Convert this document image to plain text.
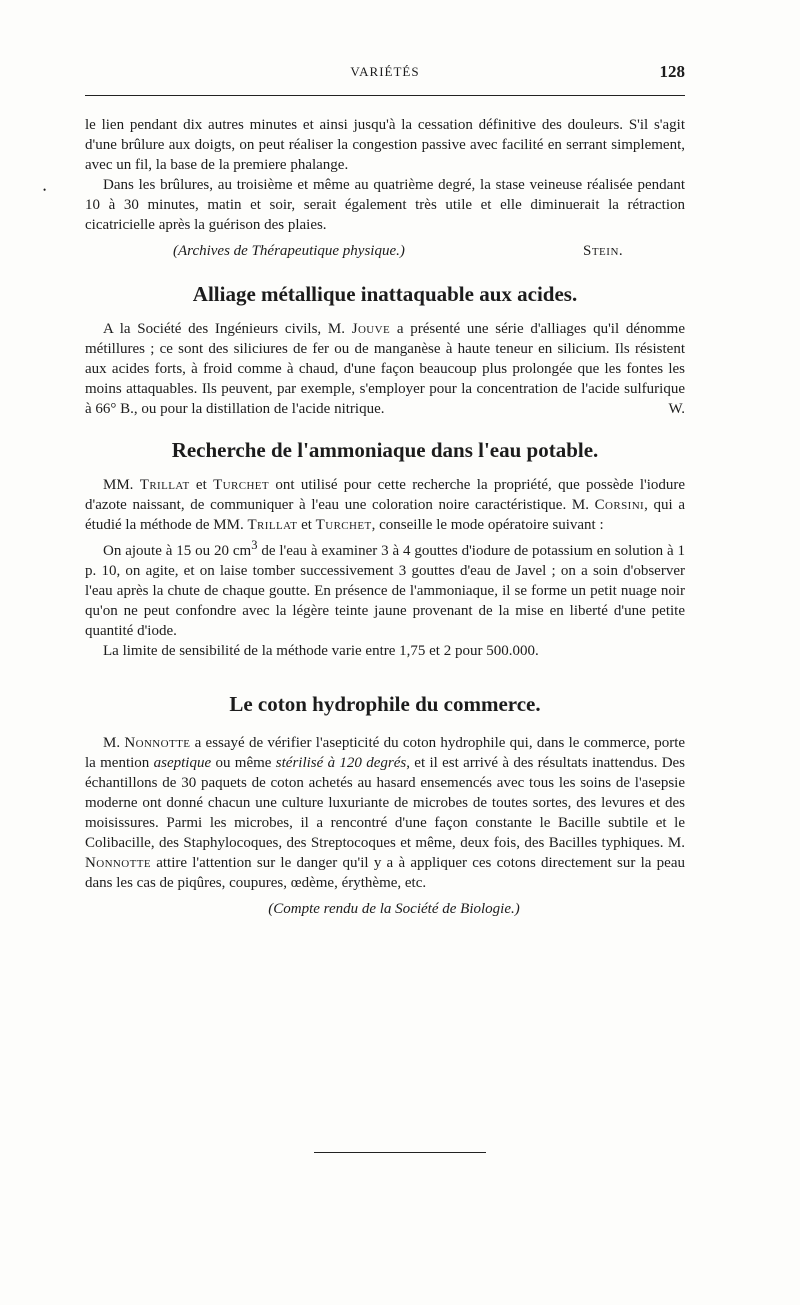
VARIÉTÉS	128
•

le lien pendant dix autres minutes et ainsi jusqu'à la cessation définitive des douleurs. S'il s'agit d'une brûlure aux doigts, on peut réaliser la congestion passive avec facilité en serrant simplement, avec un fil, la base de la premiere phalange.

Dans les brûlures, au troisième et même au quatrième degré, la stase veineuse réalisée pendant 10 à 30 minutes, matin et soir, serait également très utile et elle diminuerait la rétraction cicatricielle après la guérison des plaies.

(Archives de Thérapeutique physique.)	Stein.
Alliage métallique inattaquable aux acides.

A la Société des Ingénieurs civils, M. Jouve a présenté une série d'alliages qu'il dénomme métillures ; ce sont des siliciures de fer ou de manganèse à haute teneur en silicium. Ils résistent aux acides forts, à froid comme à chaud, d'une façon beaucoup plus prolongée que les fontes les moins attaquables. Ils peuvent, par exemple, s'employer pour la concentration de l'acide sulfurique à 66° B., ou pour la distillation de l'acide nitrique.	W.

Recherche de l'ammoniaque dans l'eau potable.

MM. Trillat et Turchet ont utilisé pour cette recherche la propriété, que possède l'iodure d'azote naissant, de communiquer à l'eau une coloration noire caractéristique. M. Corsini, qui a étudié la méthode de MM. Trillat et Turchet, conseille le mode opératoire suivant :

On ajoute à 15 ou 20 $cm^3$ de l'eau à examiner 3 à 4 gouttes d'iodure de potassium en solution à 1 p. 10, on agite, et on laise tomber successivement 3 gouttes d'eau de Javel ; on a soin d'observer l'eau après la chute de chaque goutte. En présence de l'ammoniaque, il se forme un petit nuage noir qu'on ne peut confondre avec la légère teinte jaune provenant de la mise en liberté d'une petite quantité d'iode.

La limite de sensibilité de la méthode varie entre 1,75 et 2 pour 500.000.

Le coton hydrophile du commerce.

M. Nonnotte a essayé de vérifier l'asepticité du coton hydrophile qui, dans le commerce, porte la mention aseptique ou même stérilisé à 120 degrés, et il est arrivé à des résultats inattendus. Des échantillons de 30 paquets de coton achetés au hasard ensemencés avec tous les soins de l'asepsie moderne ont donné chacun une culture luxuriante de microbes de toutes sortes, des levures et des moisissures. Parmi les microbes, il a rencontré d'une façon constante le Bacille subtile et le Colibacille, des Staphylocoques, des Streptocoques et même, deux fois, des Bacilles typhiques. M. Nonnotte attire l'attention sur le danger qu'il y a à appliquer ces cotons directement sur la peau dans les cas de piqûres, coupures, œdème, érythème, etc.

(Compte rendu de la Société de Biologie.)
